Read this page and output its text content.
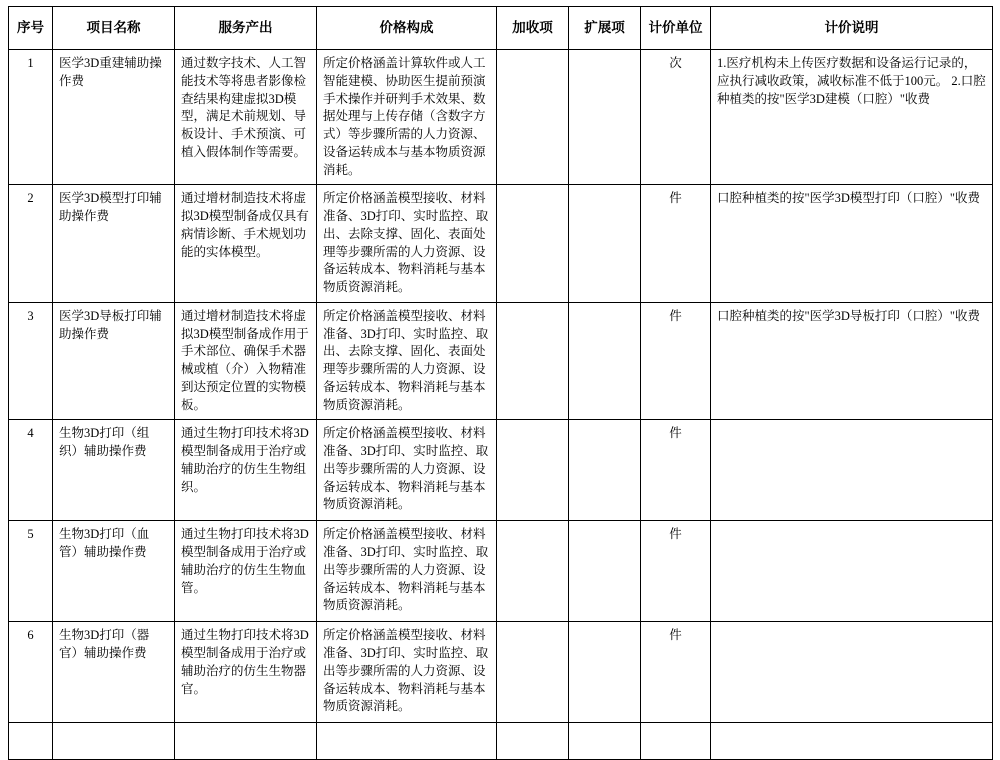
序号	项目名称	服务产出	价格构成	加收项	扩展项	计价单位	计价说明
1	医学3D重建辅助操作费	通过数字技术、人工智能技术等将患者影像检查结果构建虚拟3D模型，满足术前规划、导板设计、手术预演、可植入假体制作等需要。	所定价格涵盖计算软件或人工智能建模、协助医生提前预演手术操作并研判手术效果、数据处理与上传存储（含数字方式）等步骤所需的人力资源、设备运转成本与基本物质资源消耗。			次	1.医疗机构未上传医疗数据和设备运行记录的，应执行减收政策，减收标准不低于100元。 2.口腔种植类的按"医学3D建模（口腔）"收费
2	医学3D模型打印辅助操作费	通过增材制造技术将虚拟3D模型制备成仅具有病情诊断、手术规划功能的实体模型。	所定价格涵盖模型接收、材料准备、3D打印、实时监控、取出、去除支撑、固化、表面处理等步骤所需的人力资源、设备运转成本、物料消耗与基本物质资源消耗。			件	口腔种植类的按"医学3D模型打印（口腔）"收费
3	医学3D导板打印辅助操作费	通过增材制造技术将虚拟3D模型制备成作用于手术部位、确保手术器械或植（介）入物精准到达预定位置的实物模板。	所定价格涵盖模型接收、材料准备、3D打印、实时监控、取出、去除支撑、固化、表面处理等步骤所需的人力资源、设备运转成本、物料消耗与基本物质资源消耗。			件	口腔种植类的按"医学3D导板打印（口腔）"收费
4	生物3D打印（组织）辅助操作费	通过生物打印技术将3D模型制备成用于治疗或辅助治疗的仿生生物组织。	所定价格涵盖模型接收、材料准备、3D打印、实时监控、取出等步骤所需的人力资源、设备运转成本、物料消耗与基本物质资源消耗。			件	
5	生物3D打印（血管）辅助操作费	通过生物打印技术将3D模型制备成用于治疗或辅助治疗的仿生生物血管。	所定价格涵盖模型接收、材料准备、3D打印、实时监控、取出等步骤所需的人力资源、设备运转成本、物料消耗与基本物质资源消耗。			件	
6	生物3D打印（器官）辅助操作费	通过生物打印技术将3D模型制备成用于治疗或辅助治疗的仿生生物器官。	所定价格涵盖模型接收、材料准备、3D打印、实时监控、取出等步骤所需的人力资源、设备运转成本、物料消耗与基本物质资源消耗。			件	
